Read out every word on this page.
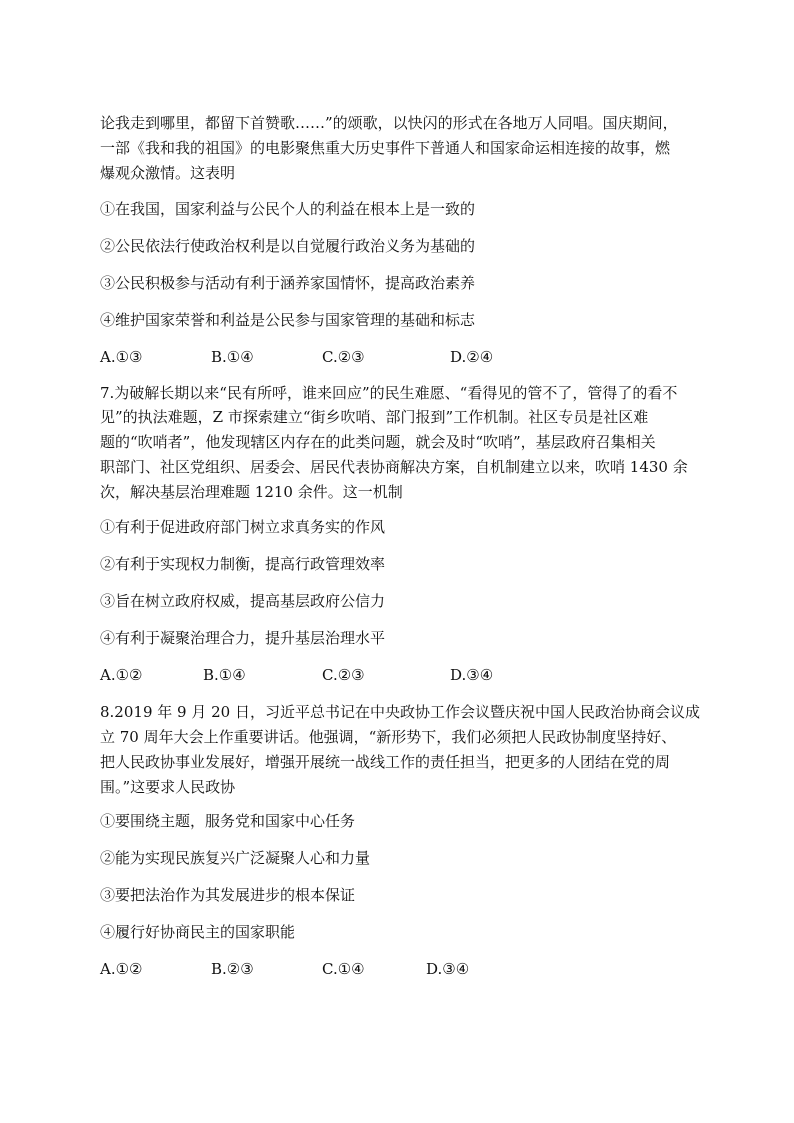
论我走到哪里，都留下首赞歌……”的颂歌，以快闪的形式在各地万人同唱。国庆期间，
一部《我和我的祖国》的电影聚焦重大历史事件下普通人和国家命运相连接的故事，燃
爆观众激情。这表明
①在我国，国家利益与公民个人的利益在根本上是一致的
②公民依法行使政治权利是以自觉履行政治义务为基础的
③公民积极参与活动有利于涵养家国情怀，提高政治素养
④维护国家荣誉和利益是公民参与国家管理的基础和标志
A.①③	B.①④	C.②③	D.②④
7.为破解长期以来“民有所呼，谁来回应”的民生难愿、“看得见的管不了，管得了的看不
见”的执法难题，Z 市探索建立“街乡吹哨、部门报到”工作机制。社区专员是社区难
题的“吹哨者”，他发现辖区内存在的此类问题，就会及时“吹哨”，基层政府召集相关
职部门、社区党组织、居委会、居民代表协商解决方案，自机制建立以来，吹哨 1430 余
次，解决基层治理难题 1210 余件。这一机制
①有利于促进政府部门树立求真务实的作风
②有利于实现权力制衡，提高行政管理效率
③旨在树立政府权威，提高基层政府公信力
④有利于凝聚治理合力，提升基层治理水平
A.①②	B.①④	C.②③	D.③④
8.2019 年 9 月 20 日，习近平总书记在中央政协工作会议暨庆祝中国人民政治协商会议成
立 70 周年大会上作重要讲话。他强调，“新形势下，我们必须把人民政协制度坚持好、
把人民政协事业发展好，增强开展统一战线工作的责任担当，把更多的人团结在党的周
围。”这要求人民政协
①要围绕主题，服务党和国家中心任务
②能为实现民族复兴广泛凝聚人心和力量
③要把法治作为其发展进步的根本保证
④履行好协商民主的国家职能
A.①②	B.②③	C.①④	D.③④
